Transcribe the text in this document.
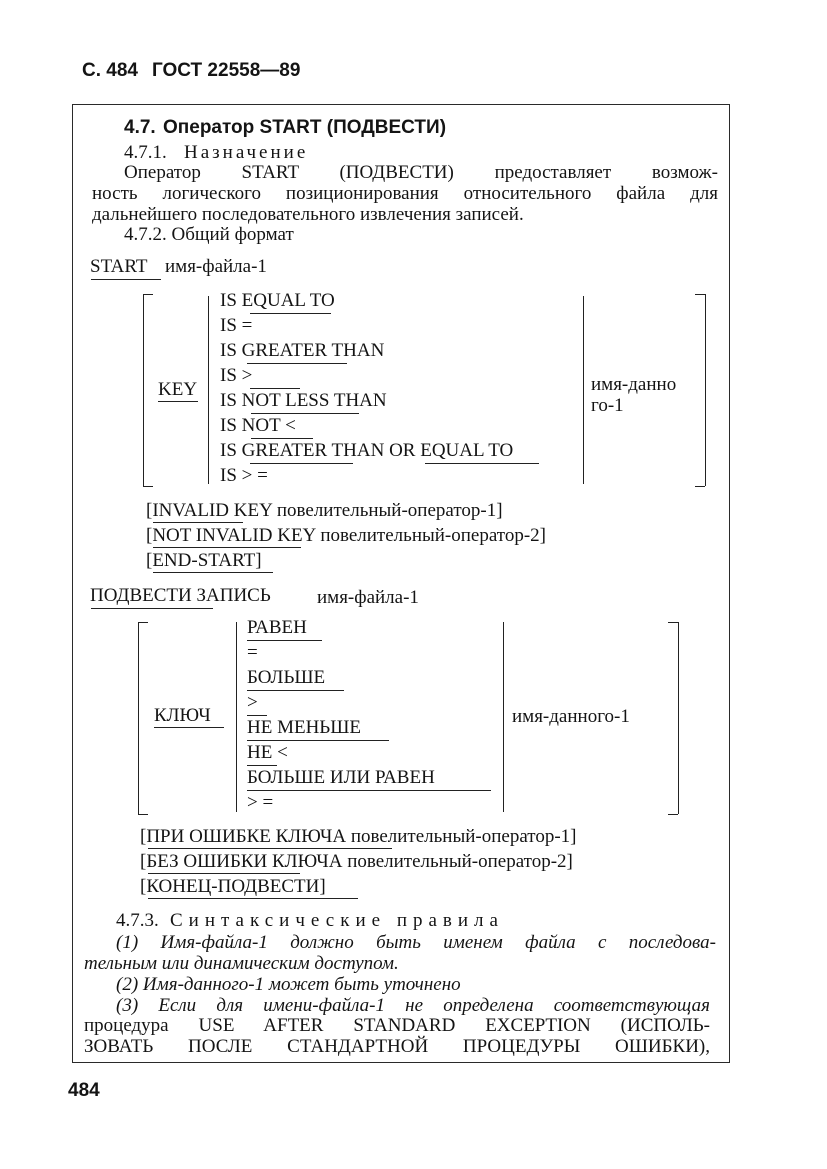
С. 484 ГОСТ 22558—89
4.7. Оператор START (ПОДВЕСТИ)
4.7.1. Назначение
Оператор START (ПОДВЕСТИ) предоставляет возмож-
ность логического позиционирования относительного файла для
дальнейшего последовательного извлечения записей.
4.7.2. Общий формат
START имя-файла-1
KEY
IS EQUAL TO
IS =
IS GREATER THAN
IS >
IS NOT LESS THAN
IS NOT <
IS GREATER THAN OR EQUAL TO
IS > =
имя-данно
го-1
[INVALID KEY повелительный-оператор-1]
[NOT INVALID KEY повелительный-оператор-2]
[END-START]
ПОДВЕСТИ ЗАПИСЬ имя-файла-1
КЛЮЧ
РАВЕН
=
БОЛЬШЕ
>
НЕ МЕНЬШЕ
НЕ <
БОЛЬШЕ ИЛИ РАВЕН
> =
имя-данного-1
[ПРИ ОШИБКЕ КЛЮЧА повелительный-оператор-1]
[БЕЗ ОШИБКИ КЛЮЧА повелительный-оператор-2]
[КОНЕЦ-ПОДВЕСТИ]
4.7.3. Синтаксические правила
(1) Имя-файла-1 должно быть именем файла с последова-
тельным или динамическим доступом.
(2) Имя-данного-1 может быть уточнено
(3) Если для имени-файла-1 не определена соответствующая
процедура USE AFTER STANDARD EXCEPTION (ИСПОЛЬ-
ЗОВАТЬ ПОСЛЕ СТАНДАРТНОЙ ПРОЦЕДУРЫ ОШИБКИ),
484
